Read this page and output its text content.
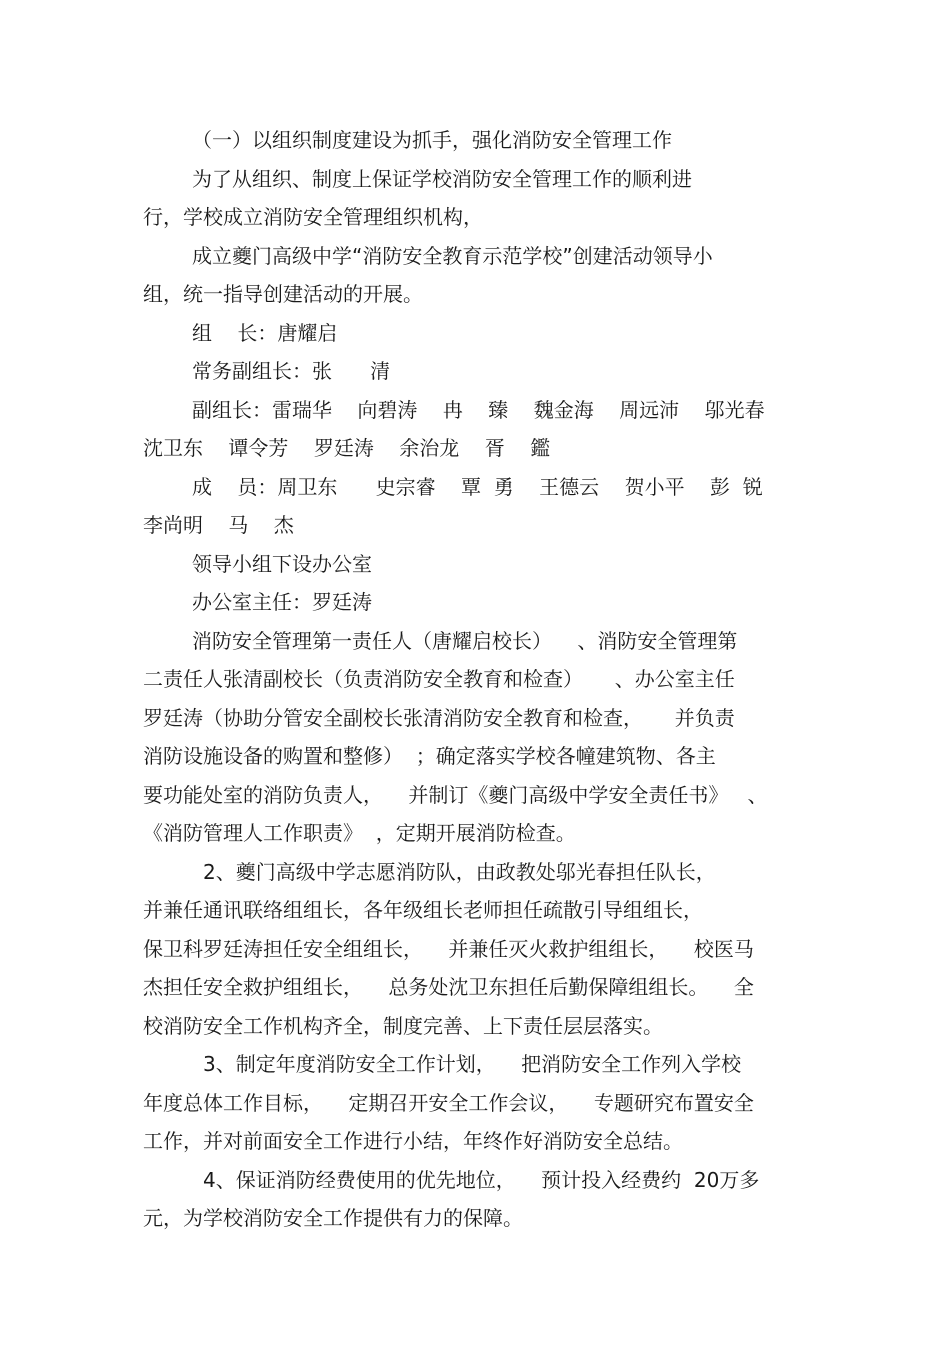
（一）以组织制度建设为抓手，强化消防安全管理工作
为了从组织、制度上保证学校消防安全管理工作的顺利进
行，学校成立消防安全管理组织机构，
成立夔门高级中学“消防安全教育示范学校”创建活动领导小
组，统一指导创建活动的开展。
组    长：唐耀启
常务副组长：张      清
副组长：雷瑞华    向碧涛    冉    臻    魏金海    周远沛    邬光春
沈卫东    谭令芳    罗廷涛    余治龙    胥    鑑
成    员：周卫东      史宗睿    覃  勇    王德云    贺小平    彭  锐
李尚明    马    杰
领导小组下设办公室
办公室主任：罗廷涛
消防安全管理第一责任人（唐耀启校长）    、消防安全管理第
二责任人张清副校长（负责消防安全教育和检查）     、办公室主任
罗廷涛（协助分管安全副校长张清消防安全教育和检查，     并负责
消防设施设备的购置和整修）  ；确定落实学校各幢建筑物、各主
要功能处室的消防负责人，    并制订《夔门高级中学安全责任书》   、
《消防管理人工作职责》  ，定期开展消防检查。
2、夔门高级中学志愿消防队，由政教处邬光春担任队长，
并兼任通讯联络组组长，各年级组长老师担任疏散引导组组长，
保卫科罗廷涛担任安全组组长，    并兼任灭火救护组组长，    校医马
杰担任安全救护组组长，    总务处沈卫东担任后勤保障组组长。    全
校消防安全工作机构齐全，制度完善、上下责任层层落实。
3、制定年度消防安全工作计划，    把消防安全工作列入学校
年度总体工作目标，    定期召开安全工作会议，    专题研究布置安全
工作，并对前面安全工作进行小结，年终作好消防安全总结。
4、保证消防经费使用的优先地位，    预计投入经费约  20万多
元，为学校消防安全工作提供有力的保障。
